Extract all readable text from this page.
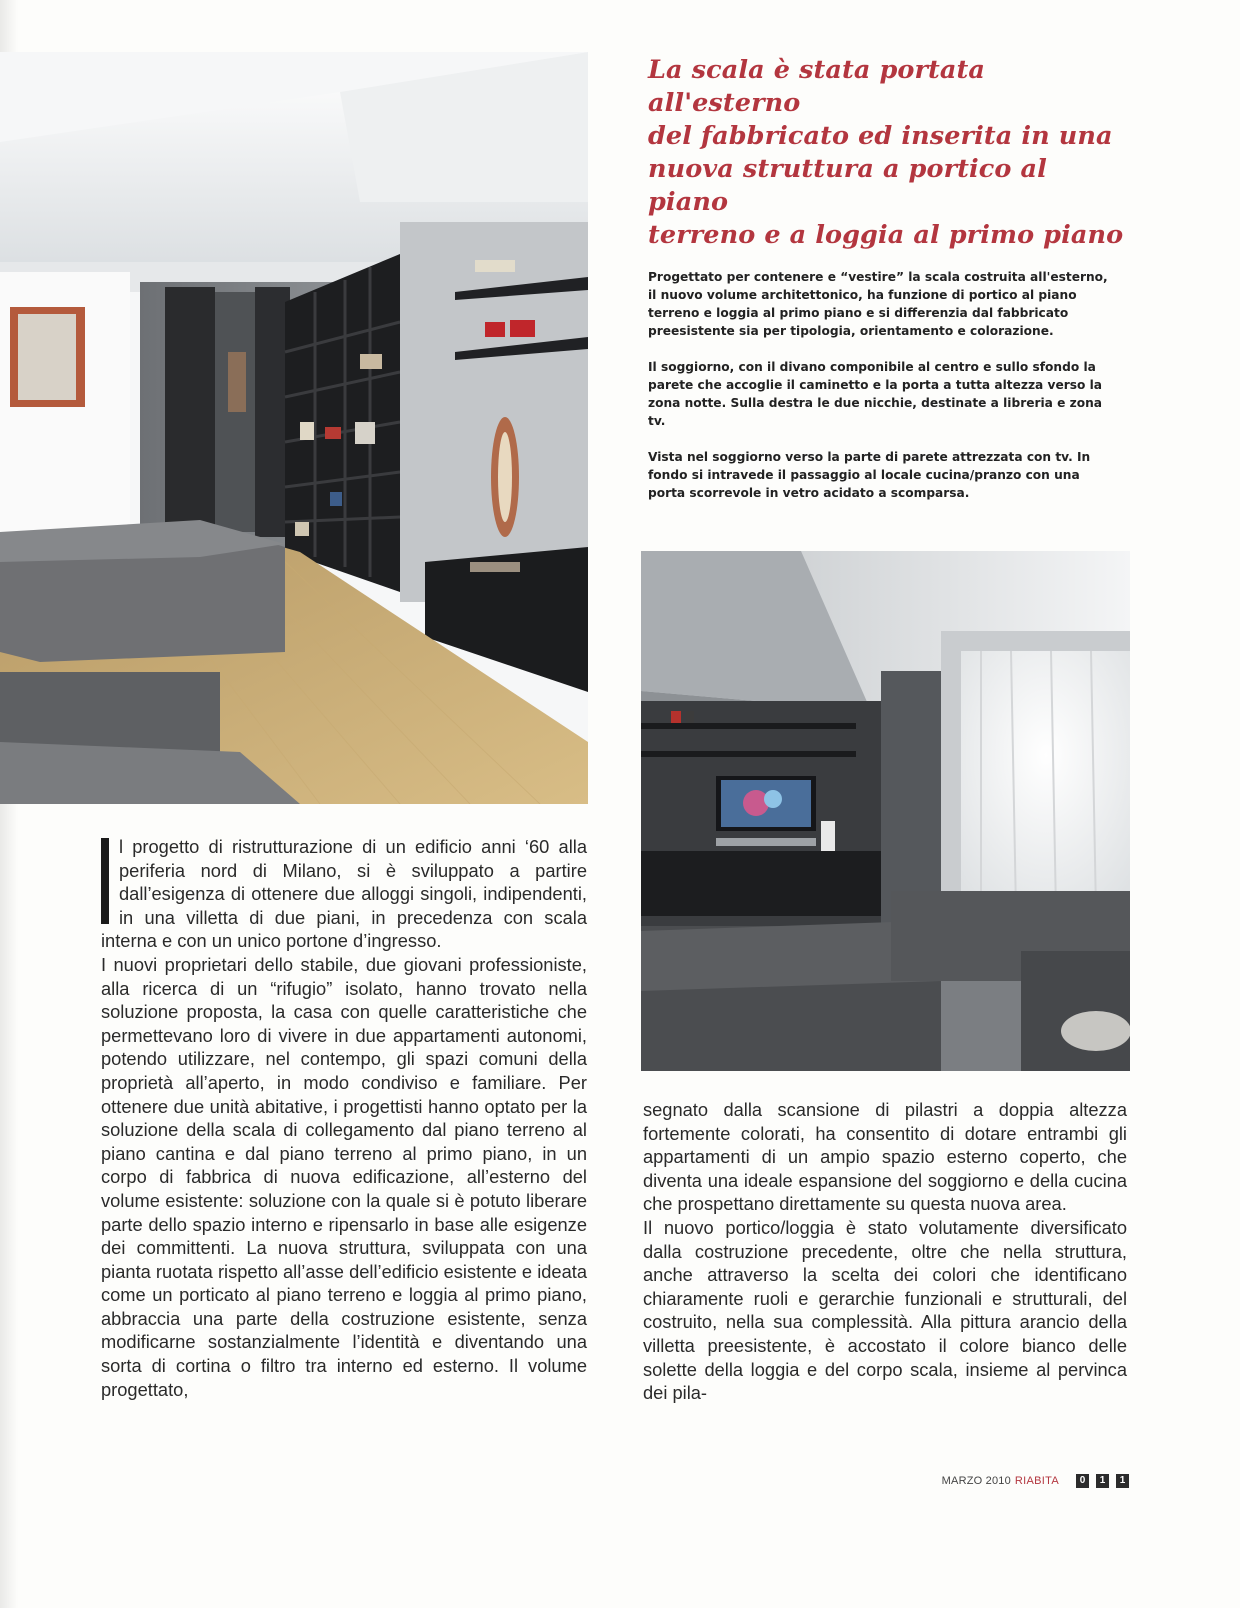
La scala è stata portata all'esterno
del fabbricato ed inserita in una
nuova struttura a portico al piano
terreno e a loggia al primo piano

Progettato per contenere e “vestire” la scala costruita all'esterno, il nuovo volume architettonico, ha funzione di portico al piano terreno e loggia al primo piano e si differenzia dal fabbricato preesistente sia per tipologia, orientamento e colorazione.

Il soggiorno, con il divano componibile al centro e sullo sfondo la parete che accoglie il caminetto e la porta a tutta altezza verso la zona notte. Sulla destra le due nicchie, destinate a libreria e zona tv.

Vista nel soggiorno verso la parte di parete attrezzata con tv. In fondo si intravede il passaggio al locale cucina/pranzo con una porta scorrevole in vetro acidato a scomparsa.

l progetto di ristrutturazione di un edificio anni ‘60 alla periferia nord di Milano, si è sviluppato a partire dall’esigenza di ottenere due alloggi singoli, indipendenti, in una villetta di due piani, in precedenza con scala interna e con un unico portone d’ingresso.

I nuovi proprietari dello stabile, due giovani professioniste, alla ricerca di un “rifugio” isolato, hanno trovato nella soluzione proposta, la casa con quelle caratteristiche che permettevano loro di vivere in due appartamenti autonomi, potendo utilizzare, nel contempo, gli spazi comuni della proprietà all’aperto, in modo condiviso e familiare. Per ottenere due unità abitative, i progettisti hanno optato per la soluzione della scala di collegamento dal piano terreno al piano cantina e dal piano terreno al primo piano, in un corpo di fabbrica di nuova edificazione, all’esterno del volume esistente: soluzione con la quale si è potuto liberare parte dello spazio interno e ripensarlo in base alle esigenze dei committenti. La nuova struttura, sviluppata con una pianta ruotata rispetto all’asse dell’edificio esistente e ideata come un porticato al piano terreno e loggia al primo piano, abbraccia una parte della costruzione esistente, senza modificarne sostanzialmente l’identità e diventando una sorta di cortina o filtro tra interno ed esterno. Il volume progettato,

segnato dalla scansione di pilastri a doppia altezza fortemente colorati, ha consentito di dotare entrambi gli appartamenti di un ampio spazio esterno coperto, che diventa una ideale espansione del soggiorno e della cucina che prospettano direttamente su questa nuova area.

Il nuovo portico/loggia è stato volutamente diversificato dalla costruzione precedente, oltre che nella struttura, anche attraverso la scelta dei colori che identificano chiaramente ruoli e gerarchie funzionali e strutturali, del costruito, nella sua complessità. Alla pittura arancio della villetta preesistente, è accostato il colore bianco delle solette della loggia e del corpo scala, insieme al pervinca dei pila-

MARZO 2010 RIABITA	0	1	1
